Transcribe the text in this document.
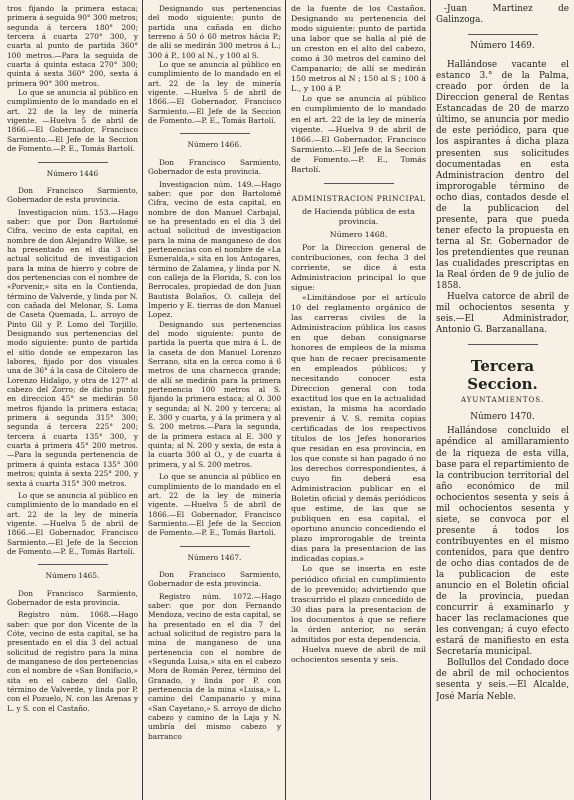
tros fijando la primera estaca; primera á seguida 90° 300 metros; segunda á tercera 180° 200; tercera á cuarta 270° 300, y cuarta al punto de partida 360° 100 metros.—Para la seguida de cuarta á quinta estaca 270° 300; quinta á sexta 360° 200, sexta á primera 90° 300 metros.

Lo que se anuncia al público en cumplimiento de lo mandado en el art. 22 de la ley de minería vigente. —Huelva 5 de abril de 1866.—El Gobernador, Francisco Sarmiento.—El Jefe de la Seccion de Fomento.—P. E., Tomás Bartolí.

Número 1446

Don Francisco Sarmiento, Gobernador de esta provincia.

Investigacion núm. 153.—Hago saber: que por Don Bartolomé Cifra, vecino de esta capital, en nombre de don Alejandro Wilke, se ha presentado en el dia 3 del actual solicitud de investigacion para la mina de hierro y cobre de dos pertenencias con el nombre de «Porvenir,» sita en la Contienda, término de Valverde, y linda por N. con cañada del Melonar, S. Loma de Caseta Quemada, L. arroyo de Pinto Gil y P. Lomo del Torjillo. Designando sus pertenencias del modo siguiente: punto de partida el sitio donde se empezaron las labores, fijado por dos visuales una de 36° á la casa de Cítolero de Lorenzo Hidalgo, y otra de 127° al cabezo del Zorro; de dicho punto en direccion 45° se medirán 50 metros fijando la primera estaca; primera á segunda 315° 300; segunda á tercera 225° 200; tercera á cuarta 135° 300, y cuarta á primera 45° 200 metros.—Para la segunda pertenencia de primera á quinta estaca 135° 300 metros; quinta á sexta 225° 200, y sexta á cuarta 315° 300 metros.

Lo que se anuncia al público en cumplimiento de lo mandado en el art. 22 de la ley de minería vigente. —Huelva 5 de abril de 1866.—El Gobernador, Francisco Sarmiento.—El Jefe de la Seccion de Fomento.—P. E., Tomás Bartolí.

Número 1465.

Don Francisco Sarmiento, Gobernador de esta provincia.

Registro núm. 1068.—Hago saber: que por don Vicente de la Cóte, vecino de esta capital, se ha presentado en el dia 3 del actual solicitud de registro para la mina de manganeso de dos pertenencias con el nombre de «San Bonifacio,» sita en el cabezo del Gallo, término de Valverde, y linda por P. con el Pozuelo, N. con las Arenas y L. y S. con el Castaño.

Designando sus pertenencias del modo siguiente: punto de partida una cañada en dicho terreno á 50 ó 60 metros hácia P.; de allí se medirán 300 metros á L.; 300 á P., 100 al N., y 100 al S.

Lo que se anuncia al público en cumplimiento de lo mandado en el art. 22 de la ley de minería vigente. —Huelva 5 de abril de 1866.—El Gobernador, Francisco Sarmiento.—El Jefe de la Seccion de Fomento.—P. E., Tomás Bartolí.

Número 1466.

Don Francisco Sarmiento, Gobernador de esta provincia.

Investigacion núm. 149.—Hago saber: que por don Bartolomé Cifra, vecino de esta capital, en nombre de don Manuel Carbajal, se ha presentado en el dia 3 del actual solicitud de investigacion para la mina de manganeso de dos pertenencias con el nombre de «La Esmeralda,» sita en los Antogares, término de Zalamea, y linda por N. con calleja de la Florida, S. con los Berrocales, propiedad de don Juan Bautista Bolaños, O. calleja del Imperio y E. tierras de don Manuel Lopez.

Designando sus pertenencias del modo siguiente: punto de partida la puerta que mira á L. de la caseta de don Manuel Lorenzo Serrano, sita en la cerca como á 6 metros de una charnecca grande; de allí se medirán para la primera pertenencia 100 metros al S. fijando la primera estaca; al O. 300 y segunda; al N. 200 y tercera; al E. 300 y cuarta, y á la primera y al S. 200 metros.—Para la segunda, de la primera estaca al E. 300 y quinta; al N. 200 y sexta, de esta á la cuarta 300 al O., y de cuarta á primera, y al S. 200 metros.

Lo que se anuncia al público en cumplimiento de lo mandado en el art. 22 de la ley de minería vigente. —Huelva 5 de abril de 1866.—El Gobernador, Francisco Sarmiento.—El Jefe de la Seccion de Fomento.—P. E., Tomás Bartolí.

Número 1467.

Don Francisco Sarmiento, Gobernador de esta provincia.

Registro núm. 1072.—Hago saber: que por don Fernando Mendoza, vecino de esta capital, se ha presentado en el dia 7 del actual solicitud de registro para la mina de manganeso de una pertenencia con el nombre de «Segunda Luisa,» sita en el cabezo Mora de Román Perez, término del Granado, y linda por P. con pertenencia de la mina «Luisa,» L. camino del Campanario y mina «San Cayetano,» S. arroyo de dicho cabezo y camino de la Laja y N. umbría del mismo cabezo y barranco

de la fuente de los Castaños. Designando su pertenencia del modo siguiente: punto de partida una labor que se halla al pié de un creston en el alto del cabezo, como á 30 metros del camino del Campanario; de allí se medirán 150 metros al N ; 150 al S ; 100 á L., y 100 á P.

Lo que se anuncia al público en cumplimiento de lo mandado en el art. 22 de la ley de minería vigente. —Huelva 9 de abril de 1866.—El Gobernador, Francisco Sarmiento.—El Jefe de la Seccion de Fomento.—P. E., Tomás Bartolí.

ADMINISTRACION PRINCIPAL
de Hacienda pública de esta provincia.
Número 1468.

Por la Direccion general de contribuciones, con fecha 3 del corriente, se dice á esta Administracion principal lo que sigue:

«Limitándose por el artículo 10 del reglamento orgánico de las carreras civiles de la Administracion pública los casos en que deban consignarse honores de empleos de la misma que han de recaer precisamente en empleados públicos; y necesitando conocer esta Direccion general con toda exactitud los que en la actualidad existan, la misma ha acordado prevenir á V. S. remita copias certificadas de los respectivos títulos de los Jefes honorarios que residan en esa provincia, en los que conste si han pagado ó no los derechos correspondientes, á cuyo fin deberá esa Administracion publicar en el Boletin oficial y demás periódicos que estime, de las que se publiquen en esa capital, el oportuno anuncio concediendo el plazo improrogable de treinta dias para la presentacion de las indicadas copias.»

Lo que se inserta en este periódico oficial en cumplimiento de lo prevenido; advirtiendo que trascurrido el plazo concedido de 30 dias para la presentacion de los documentos á que se refiere la órden anterior, no serán admitidos por esta dependencia.

Huelva nueve de abril de mil ochocientos sesenta y seis.

-Juan Martinez de Galinzoga.

Número 1469.

Hallándose vacante el estanco 3.° de la Palma, creado por órden de la Direccion general de Rentas Estancadas de 20 de marzo último, se anuncia por medio de este periódico, para que los aspirantes á dicha plaza presenten sus solicitudes documentadas en esta Administracion dentro del improrogable término de ocho dias, contados desde el de la publicacion del presente, para que pueda tener efecto la propuesta en terna al Sr. Gobernador de los pretendientes que reunan las cualidades prescriptas en la Real órden de 9 de julio de 1858.

Huelva catorce de abril de mil ochocientos sesenta y seis.—El Administrador, Antonio G. Barzanallana.

Tercera Seccion.
AYUNTAMIENTOS.
Número 1470.

Hallándose concluido el apéndice al amillaramiento de la riqueza de esta villa, base para el repartimiento de la contribucion territorial del año económico de mil ochocientos sesenta y seis á mil ochocientos sesenta y siete, se convoca por el presente á todos los contribuyentes en el mismo contenidos, para que dentro de ocho dias contados de de la publicacion de este anuncio en el Boletin oficial de la provincia, puedan concurrir á examinarlo y hacer las reclamaciones que les convengan; á cuyo efecto estará de manifiesto en esta Secretaría municipal.

Bollullos del Condado doce de abril de mil ochocientos sesenta y seis.—El Alcalde, José María Neble.
